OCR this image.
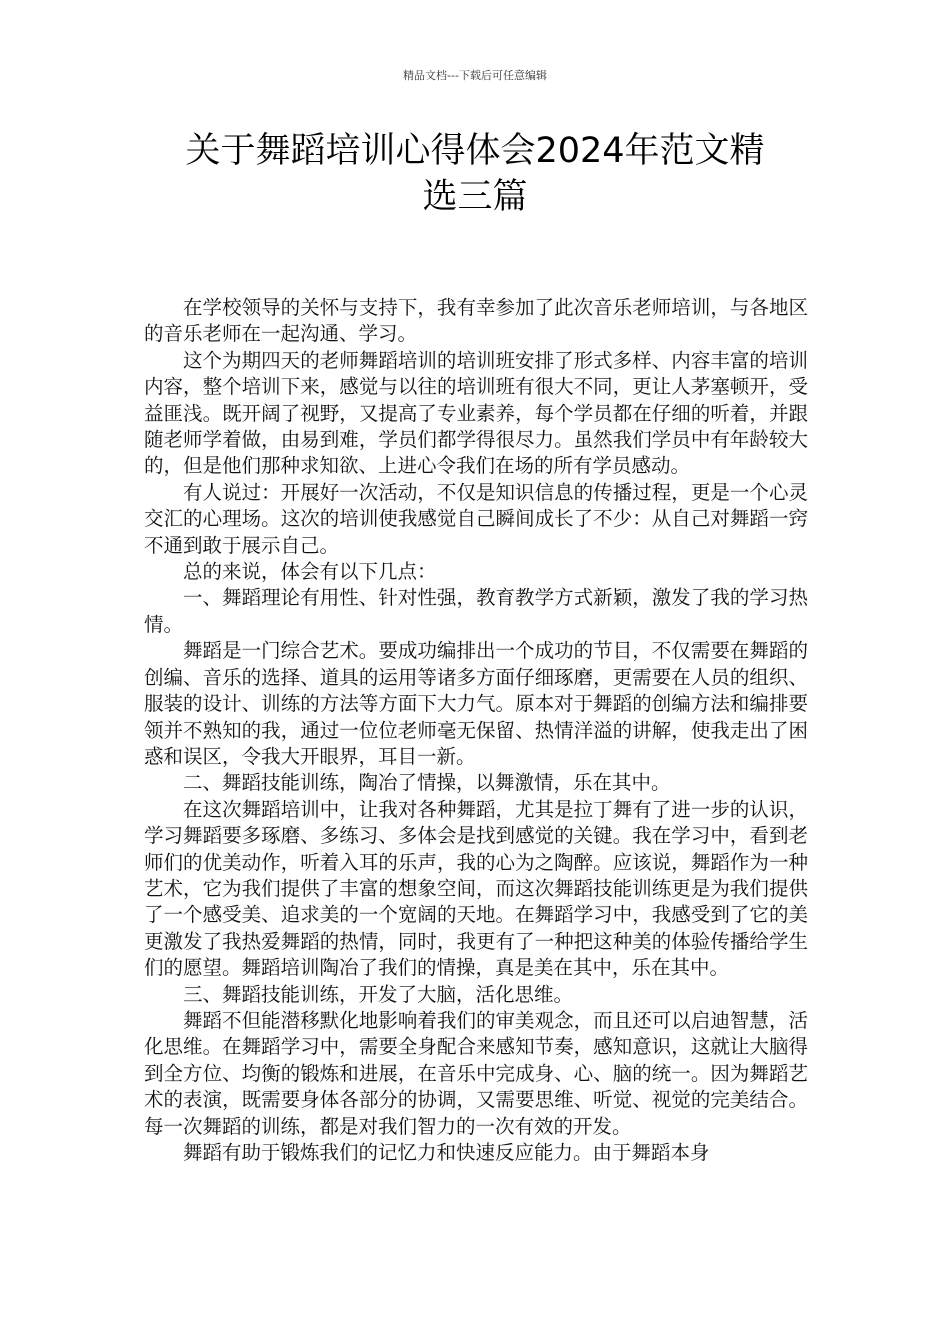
精品文档---下载后可任意编辑
关于舞蹈培训心得体会2024年范文精
选三篇

在学校领导的关怀与支持下，我有幸参加了此次音乐老师培训，与各地区的音乐老师在一起沟通、学习。

这个为期四天的老师舞蹈培训的培训班安排了形式多样、内容丰富的培训内容，整个培训下来，感觉与以往的培训班有很大不同，更让人茅塞顿开，受益匪浅。既开阔了视野，又提高了专业素养，每个学员都在仔细的听着，并跟随老师学着做，由易到难，学员们都学得很尽力。虽然我们学员中有年龄较大的，但是他们那种求知欲、上进心令我们在场的所有学员感动。

有人说过：开展好一次活动，不仅是知识信息的传播过程，更是一个心灵交汇的心理场。这次的培训使我感觉自己瞬间成长了不少：从自己对舞蹈一窍不通到敢于展示自己。

总的来说，体会有以下几点：

一、舞蹈理论有用性、针对性强，教育教学方式新颖，激发了我的学习热情。

舞蹈是一门综合艺术。要成功编排出一个成功的节目，不仅需要在舞蹈的创编、音乐的选择、道具的运用等诸多方面仔细琢磨，更需要在人员的组织、服装的设计、训练的方法等方面下大力气。原本对于舞蹈的创编方法和编排要领并不熟知的我，通过一位位老师毫无保留、热情洋溢的讲解，使我走出了困惑和误区，令我大开眼界，耳目一新。

二、舞蹈技能训练，陶冶了情操，以舞激情，乐在其中。

在这次舞蹈培训中，让我对各种舞蹈，尤其是拉丁舞有了进一步的认识，学习舞蹈要多琢磨、多练习、多体会是找到感觉的关键。我在学习中，看到老师们的优美动作，听着入耳的乐声，我的心为之陶醉。应该说，舞蹈作为一种艺术，它为我们提供了丰富的想象空间，而这次舞蹈技能训练更是为我们提供了一个感受美、追求美的一个宽阔的天地。在舞蹈学习中，我感受到了它的美更激发了我热爱舞蹈的热情，同时，我更有了一种把这种美的体验传播给学生们的愿望。舞蹈培训陶冶了我们的情操，真是美在其中，乐在其中。

三、舞蹈技能训练，开发了大脑，活化思维。

舞蹈不但能潜移默化地影响着我们的审美观念，而且还可以启迪智慧，活化思维。在舞蹈学习中，需要全身配合来感知节奏，感知意识，这就让大脑得到全方位、均衡的锻炼和进展，在音乐中完成身、心、脑的统一。因为舞蹈艺术的表演，既需要身体各部分的协调，又需要思维、听觉、视觉的完美结合。每一次舞蹈的训练，都是对我们智力的一次有效的开发。

舞蹈有助于锻炼我们的记忆力和快速反应能力。由于舞蹈本身
